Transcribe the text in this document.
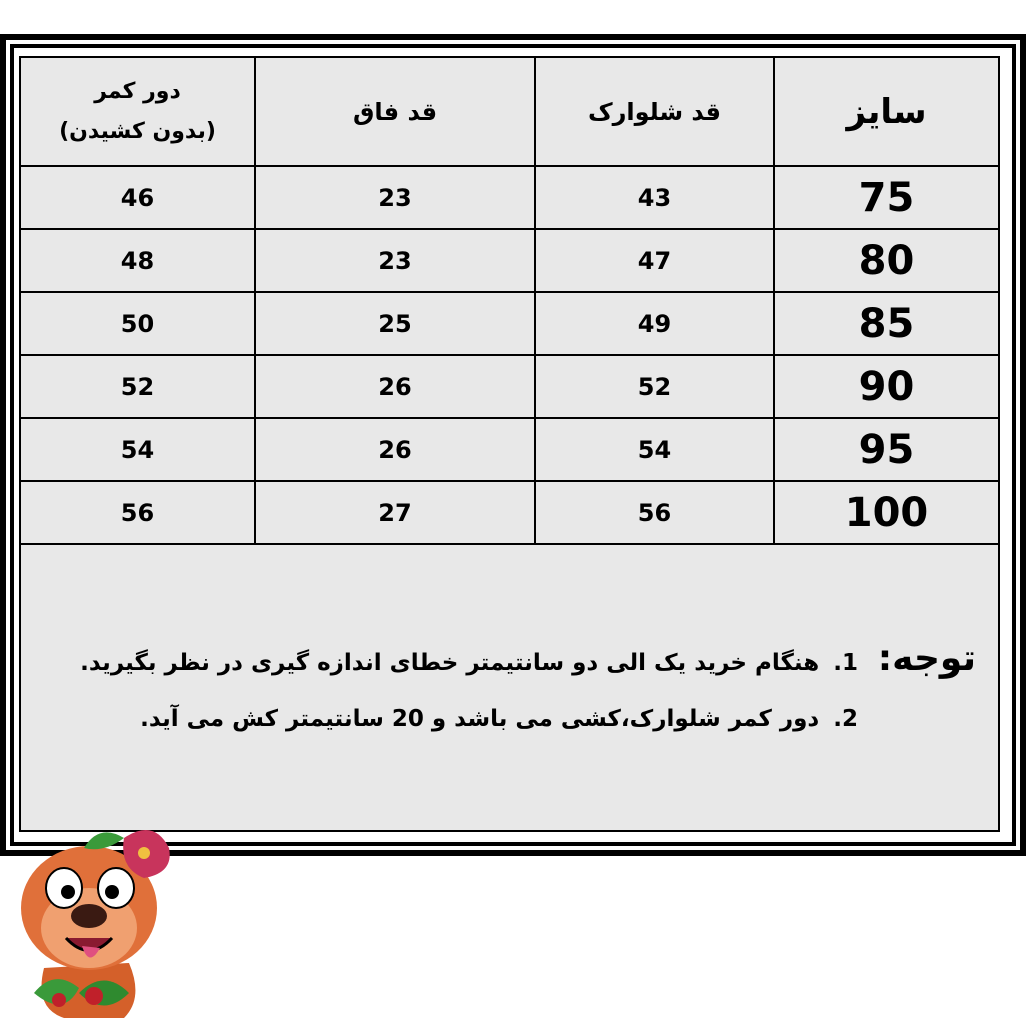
سایز	قد شلوارک	قد فاق	دور کمر
(بدون کشیدن)

75	43	23	46
80	47	23	48
85	49	25	50
90	52	26	52
95	54	26	54
100	56	27	56
توجه:
1.هنگام خرید یک الی دو سانتیمتر خطای اندازه گیری در نظر بگیرید.
2.دور کمر شلوارک،کشی می باشد و 20 سانتیمتر کش می آید.
